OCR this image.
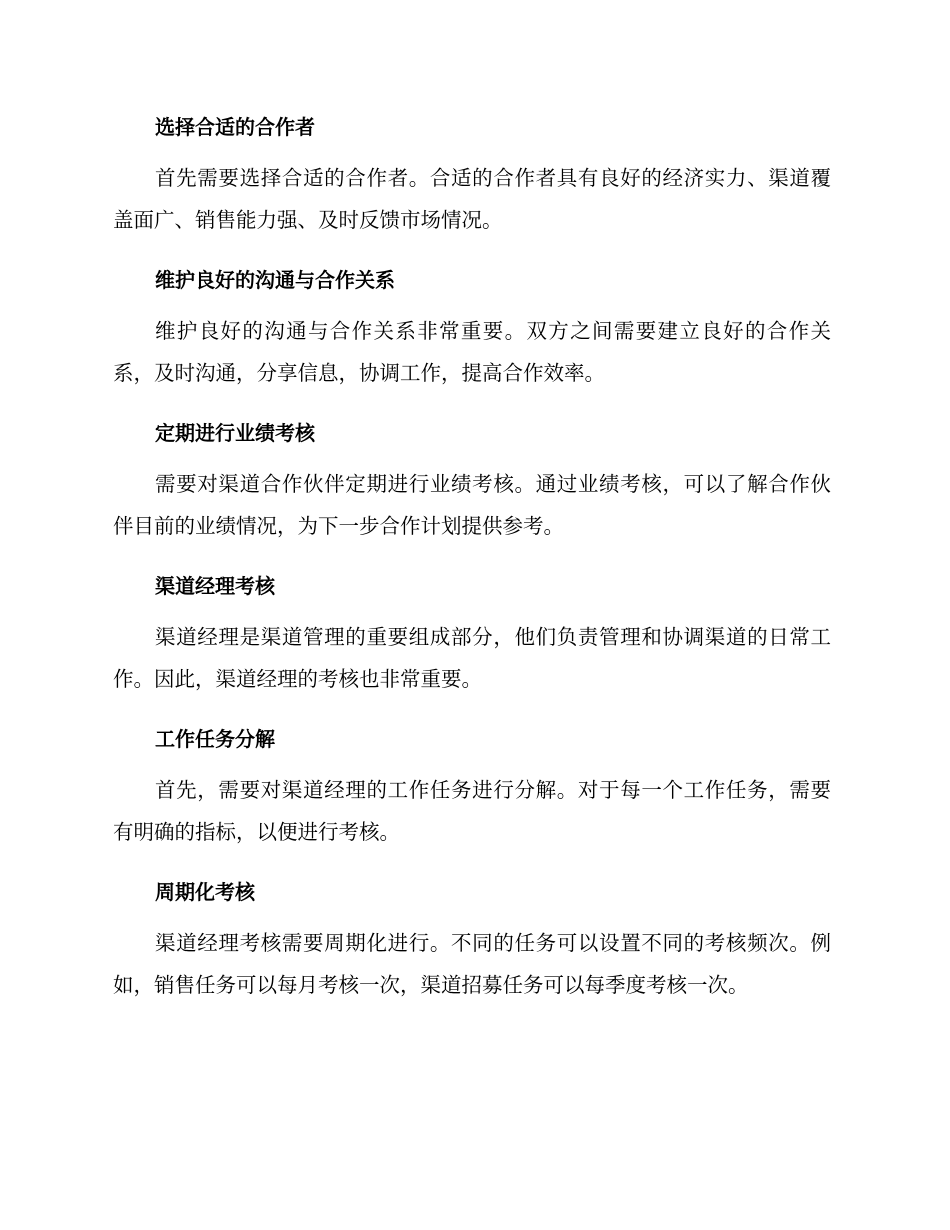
选择合适的合作者

首先需要选择合适的合作者。合适的合作者具有良好的经济实力、渠道覆盖面广、销售能力强、及时反馈市场情况。

维护良好的沟通与合作关系

维护良好的沟通与合作关系非常重要。双方之间需要建立良好的合作关系，及时沟通，分享信息，协调工作，提高合作效率。

定期进行业绩考核

需要对渠道合作伙伴定期进行业绩考核。通过业绩考核，可以了解合作伙伴目前的业绩情况，为下一步合作计划提供参考。

渠道经理考核

渠道经理是渠道管理的重要组成部分，他们负责管理和协调渠道的日常工作。因此，渠道经理的考核也非常重要。

工作任务分解

首先，需要对渠道经理的工作任务进行分解。对于每一个工作任务，需要有明确的指标，以便进行考核。

周期化考核

渠道经理考核需要周期化进行。不同的任务可以设置不同的考核频次。例如，销售任务可以每月考核一次，渠道招募任务可以每季度考核一次。
